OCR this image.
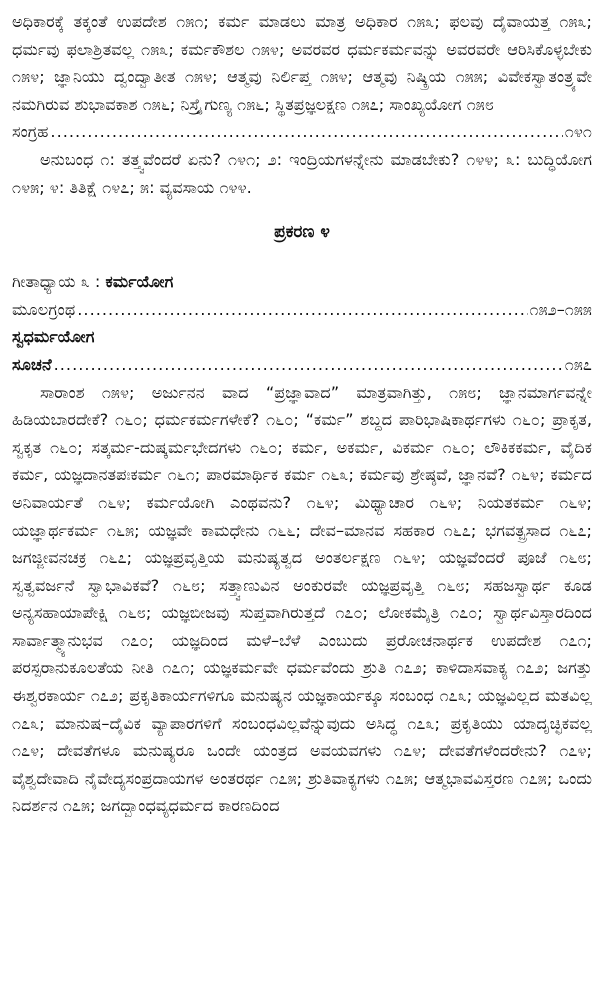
ಅಧಿಕಾರಕ್ಕೆ ತಕ್ಕಂತೆ ಉಪದೇಶ ೧೫೧; ಕರ್ಮ ಮಾಡಲು ಮಾತ್ರ ಅಧಿಕಾರ ೧೫೩; ಫಲವು ದೈವಾಯತ್ತ ೧೫೩; ಧರ್ಮವು ಫಲಾಶ್ರಿತವಲ್ಲ ೧೫೩; ಕರ್ಮಕೌಶಲ ೧೫೪; ಅವರವರ ಧರ್ಮಕರ್ಮವನ್ನು ಅವರವರೇ ಆರಿಸಿಕೊಳ್ಳಬೇಕು ೧೫೪; ಜ್ಞಾನಿಯು ದ್ವಂದ್ವಾತೀತ ೧೫೪; ಆತ್ಮವು ನಿರ್ಲಿಪ್ತ ೧೫೪; ಆತ್ಮವು ನಿಷ್ಕ್ರಿಯ ೧೫೫; ವಿವೇಕಸ್ವಾತಂತ್ರ್ಯವೇ ನಮಗಿರುವ ಶುಭಾವಕಾಶ ೧೫೬; ನಿಸ್ತ್ರೈಗುಣ್ಯ ೧೫೬; ಸ್ಥಿತಪ್ರಜ್ಞಲಕ್ಷಣ ೧೫೭; ಸಾಂಖ್ಯಯೋಗ ೧೫೮

ಸಂಗ್ರಹ .....	೧೪೧

ಅನುಬಂಧ ೧: ತತ್ತ್ವವೆಂದರೆ ಏನು? ೧೪೧; ೨: ಇಂದ್ರಿಯಗಳನ್ನೇನು ಮಾಡಬೇಕು? ೧೪೪; ೩: ಬುದ್ಧಿಯೋಗ ೧೪೫; ೪: ತಿತಿಕ್ಷೆ ೧೪೭; ೫: ವ್ಯವಸಾಯ ೧೪೪.

ಪ್ರಕರಣ ೪
ಗೀತಾಧ್ಯಾಯ ೩ : ಕರ್ಮಯೋಗ
ಮೂಲಗ್ರಂಥ .....	೧೫೨–೧೫೫
ಸ್ವಧರ್ಮಯೋಗ
ಸೂಚನೆ .....	೧೫೭

ಸಾರಾಂಶ ೧೫೪; ಅರ್ಜುನನ ವಾದ “ಪ್ರಜ್ಞಾವಾದ” ಮಾತ್ರವಾಗಿತ್ತು, ೧೫೮; ಜ್ಞಾನಮಾರ್ಗವನ್ನೇ ಹಿಡಿಯಬಾರದೇಕೆ? ೧೬೦; ಧರ್ಮಕರ್ಮಗಳೇಕೆ? ೧೬೦; “ಕರ್ಮ” ಶಬ್ದದ ಪಾರಿಭಾಷಿಕಾರ್ಥಗಳು ೧೬೦; ಪ್ರಾಕೃತ, ಸ್ವಕೃತ ೧೬೦; ಸತ್ಕರ್ಮ-ದುಷ್ಕರ್ಮಭೇದಗಳು ೧೬೦; ಕರ್ಮ, ಅಕರ್ಮ, ವಿಕರ್ಮ ೧೬೦; ಲೌಕಿಕಕರ್ಮ, ವೈದಿಕ ಕರ್ಮ, ಯಜ್ಞದಾನತಪಃಕರ್ಮ ೧೬೧; ಪಾರಮಾರ್ಥಿಕ ಕರ್ಮ ೧೬೩; ಕರ್ಮವು ಶ್ರೇಷ್ಠವೆ, ಜ್ಞಾನವೆ? ೧೬೪; ಕರ್ಮದ ಅನಿವಾರ್ಯತೆ ೧೬೪; ಕರ್ಮಯೋಗಿ ಎಂಥವನು? ೧೬೪; ಮಿಥ್ಯಾಚಾರ ೧೬೪; ನಿಯತಕರ್ಮ ೧೬೪; ಯಜ್ಞಾರ್ಥಕರ್ಮ ೧೬೫; ಯಜ್ಞವೇ ಕಾಮಧೇನು ೧೬೬; ದೇವ–ಮಾನವ ಸಹಕಾರ ೧೬೭; ಭಗವತ್ಪ್ರಸಾದ ೧೬೭; ಜಗಜ್ಜೀವನಚಕ್ರ ೧೬೭; ಯಜ್ಞಪ್ರವೃತ್ತಿಯ ಮನುಷ್ಯತ್ವದ ಅಂತರ್ಲಕ್ಷಣ ೧೬೪; ಯಜ್ಞವೆಂದರೆ ಪೂಜೆ ೧೬೮; ಸ್ವತ್ವವರ್ಜನೆ ಸ್ವಾಭಾವಿಕವೆ? ೧೬೮; ಸತ್ತ್ವಾಣುವಿನ ಅಂಕುರವೇ ಯಜ್ಞಪ್ರವೃತ್ತಿ ೧೬೮; ಸಹಜಸ್ವಾರ್ಥ ಕೂಡ ಅನ್ಯಸಹಾಯಾಪೇಕ್ಷಿ ೧೬೮; ಯಜ್ಞಬೀಜವು ಸುಪ್ತವಾಗಿರುತ್ತದೆ ೧೭೦; ಲೋಕಮೈತ್ರಿ ೧೭೦; ಸ್ವಾರ್ಥವಿಸ್ತಾರದಿಂದ ಸಾರ್ವಾತ್ಮ್ಯಾನುಭವ ೧೭೦; ಯಜ್ಞದಿಂದ ಮಳೆ–ಬೆಳೆ ಎಂಬುದು ಪ್ರರೋಚನಾರ್ಥಕ ಉಪದೇಶ ೧೭೧; ಪರಸ್ಪರಾನುಕೂಲತೆಯ ನೀತಿ ೧೭೧; ಯಜ್ಞಕರ್ಮವೇ ಧರ್ಮವೆಂದು ಶ್ರುತಿ ೧೭೨; ಕಾಳಿದಾಸವಾಕ್ಯ ೧೭೨; ಜಗತ್ತು ಈಶ್ವರಕಾರ್ಯ ೧೭೨; ಪ್ರಕೃತಿಕಾರ್ಯಗಳಿಗೂ ಮನುಷ್ಯನ ಯಜ್ಞಕಾರ್ಯಕ್ಕೂ ಸಂಬಂಧ ೧೭೩; ಯಜ್ಞವಿಲ್ಲದ ಮತವಿಲ್ಲ ೧೭೩; ಮಾನುಷ–ದೈವಿಕ ವ್ಯಾಪಾರಗಳಿಗೆ ಸಂಬಂಧವಿಲ್ಲವೆನ್ನುವುದು ಅಸಿದ್ಧ ೧೭೩; ಪ್ರಕೃತಿಯು ಯಾದೃಚ್ಛಿಕವಲ್ಲ ೧೭೪; ದೇವತೆಗಳೂ ಮನುಷ್ಯರೂ ಒಂದೇ ಯಂತ್ರದ ಅವಯವಗಳು ೧೭೪; ದೇವತೆಗಳೆಂದರೇನು? ೧೭೪; ವೈಶ್ವದೇವಾದಿ ನೈವೇದ್ಯಸಂಪ್ರದಾಯಗಳ ಅಂತರರ್ಥ ೧೭೫; ಶ್ರುತಿವಾಕ್ಯಗಳು ೧೭೫; ಆತ್ಮಭಾವವಿಸ್ತರಣ ೧೭೫; ಒಂದು ನಿದರ್ಶನ ೧೭೫; ಜಗದ್ಬಾಂಧವ್ಯಧರ್ಮದ ಕಾರಣದಿಂದ
